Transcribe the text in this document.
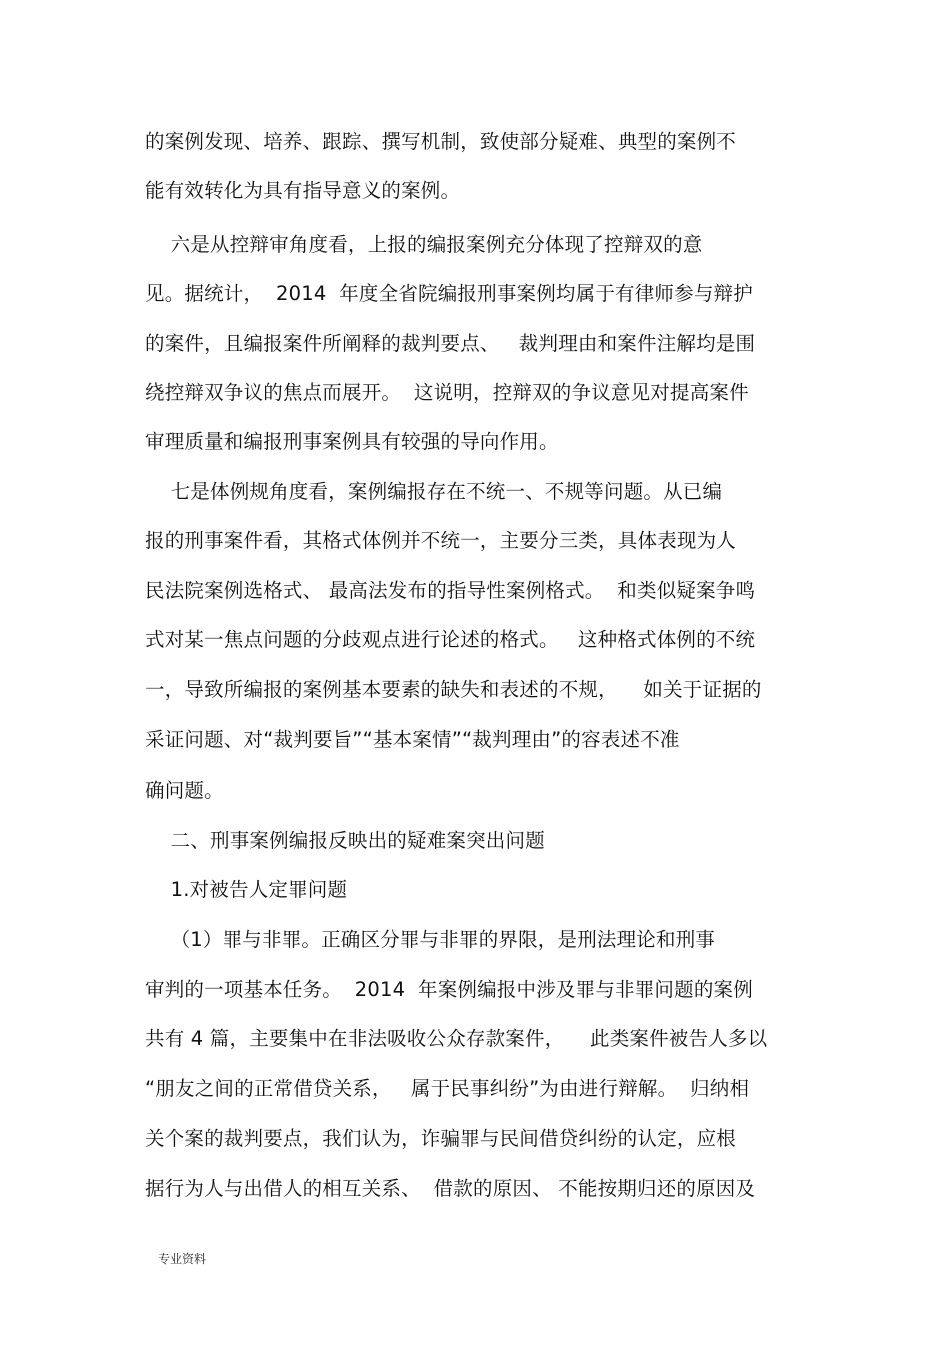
的案例发现、培养、跟踪、撰写机制，致使部分疑难、典型的案例不
能有效转化为具有指导意义的案例。
六是从控辩审角度看，上报的编报案例充分体现了控辩双的意
见。据统计，  2014  年度全省院编报刑事案例均属于有律师参与辩护
的案件，且编报案件所阐释的裁判要点、   裁判理由和案件注解均是围
绕控辩双争议的焦点而展开。  这说明，控辩双的争议意见对提高案件
审理质量和编报刑事案例具有较强的导向作用。
七是体例规角度看，案例编报存在不统一、不规等问题。从已编
报的刑事案件看，其格式体例并不统一，主要分三类，具体表现为人
民法院案例选格式、 最高法发布的指导性案例格式。  和类似疑案争鸣
式对某一焦点问题的分歧观点进行论述的格式。   这种格式体例的不统
一，导致所编报的案例基本要素的缺失和表述的不规，    如关于证据的
采证问题、对“裁判要旨”“基本案情”“裁判理由”的容表述不准
确问题。
二、刑事案例编报反映出的疑难案突出问题
1.对被告人定罪问题
（1）罪与非罪。正确区分罪与非罪的界限，是刑法理论和刑事
审判的一项基本任务。  2014  年案例编报中涉及罪与非罪问题的案例
共有 4 篇，主要集中在非法吸收公众存款案件，    此类案件被告人多以
“朋友之间的正常借贷关系，   属于民事纠纷”为由进行辩解。  归纳相
关个案的裁判要点，我们认为，诈骗罪与民间借贷纠纷的认定，应根
据行为人与出借人的相互关系、  借款的原因、 不能按期归还的原因及
专业资料
